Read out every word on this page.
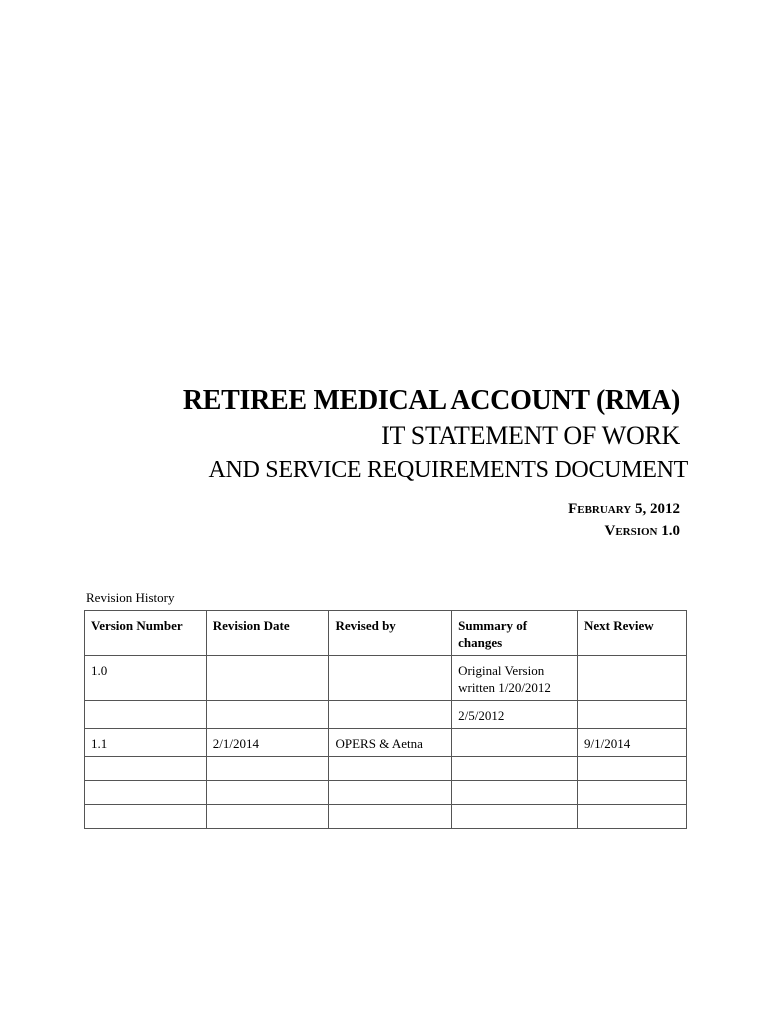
RETIREE MEDICAL ACCOUNT (RMA)
IT STATEMENT OF WORK
AND SERVICE REQUIREMENTS DOCUMENT
February 5, 2012
Version 1.0
Revision History
Version Number	Revision Date	Revised by	Summary of changes	Next Review
1.0			Original Version written 1/20/2012	
			2/5/2012	
1.1	2/1/2014	OPERS & Aetna		9/1/2014
